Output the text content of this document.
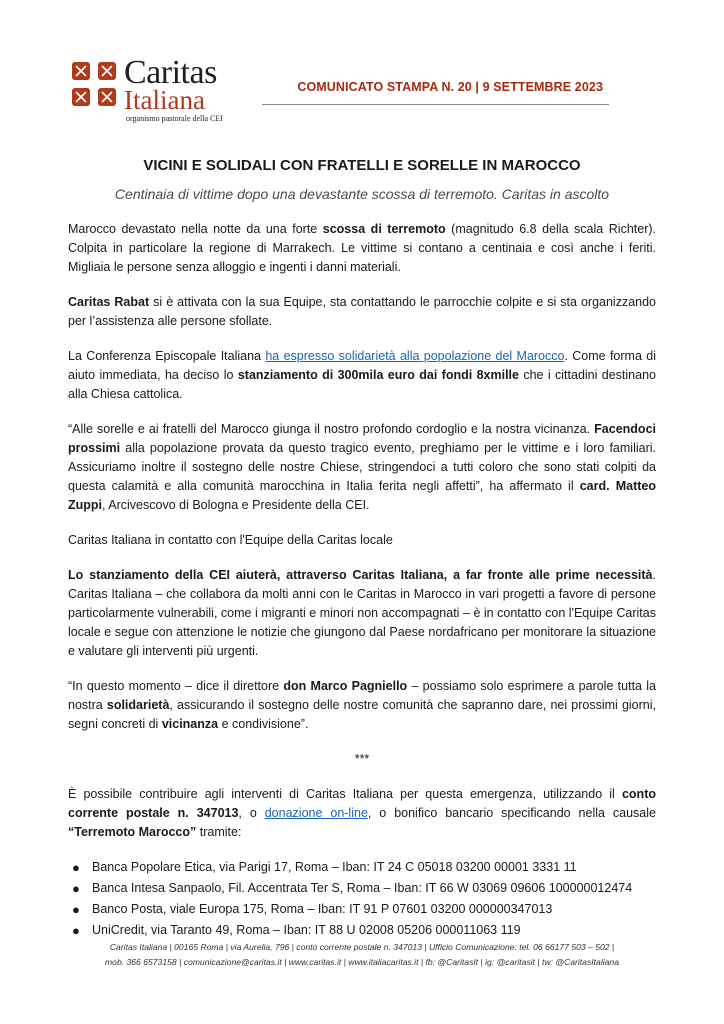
Caritas
Italiana
organismo pastorale della CEI
COMUNICATO STAMPA N. 20 | 9 SETTEMBRE 2023
VICINI E SOLIDALI CON FRATELLI E SORELLE IN MAROCCO
Centinaia di vittime dopo una devastante scossa di terremoto. Caritas in ascolto

Marocco devastato nella notte da una forte scossa di terremoto (magnitudo 6.8 della scala Richter). Colpita in particolare la regione di Marrakech. Le vittime si contano a centinaia e così anche i feriti. Migliaia le persone senza alloggio e ingenti i danni materiali.

Caritas Rabat si è attivata con la sua Equipe, sta contattando le parrocchie colpite e si sta organizzando per l’assistenza alle persone sfollate.

La Conferenza Episcopale Italiana ha espresso solidarietà alla popolazione del Marocco. Come forma di aiuto immediata, ha deciso lo stanziamento di 300mila euro dai fondi 8xmille che i cittadini destinano alla Chiesa cattolica.

“Alle sorelle e ai fratelli del Marocco giunga il nostro profondo cordoglio e la nostra vicinanza. Facendoci prossimi alla popolazione provata da questo tragico evento, preghiamo per le vittime e i loro familiari. Assicuriamo inoltre il sostegno delle nostre Chiese, stringendoci a tutti coloro che sono stati colpiti da questa calamità e alla comunità marocchina in Italia ferita negli affetti”, ha affermato il card. Matteo Zuppi, Arcivescovo di Bologna e Presidente della CEI.

Caritas Italiana in contatto con l'Equipe della Caritas locale

Lo stanziamento della CEI aiuterà, attraverso Caritas Italiana, a far fronte alle prime necessità. Caritas Italiana – che collabora da molti anni con le Caritas in Marocco in vari progetti a favore di persone particolarmente vulnerabili, come i migranti e minori non accompagnati – è in contatto con l'Equipe Caritas locale e segue con attenzione le notizie che giungono dal Paese nordafricano per monitorare la situazione e valutare gli interventi più urgenti.

“In questo momento – dice il direttore don Marco Pagniello – possiamo solo esprimere a parole tutta la nostra solidarietà, assicurando il sostegno delle nostre comunità che sapranno dare, nei prossimi giorni, segni concreti di vicinanza e condivisione”.

***

È possibile contribuire agli interventi di Caritas Italiana per questa emergenza, utilizzando il conto corrente postale n. 347013, o donazione on-line, o bonifico bancario specificando nella causale “Terremoto Marocco” tramite:

● Banca Popolare Etica, via Parigi 17, Roma – Iban: IT 24 C 05018 03200 00001 3331 11
● Banca Intesa Sanpaolo, Fil. Accentrata Ter S, Roma – Iban: IT 66 W 03069 09606 100000012474
● Banco Posta, viale Europa 175, Roma – Iban: IT 91 P 07601 03200 000000347013
● UniCredit, via Taranto 49, Roma – Iban: IT 88 U 02008 05206 000011063 119
Caritas Italiana | 00165 Roma | via Aurelia, 796 | conto corrente postale n. 347013 | Ufficio Comunicazione: tel. 06 66177 503 – 502 |
mob. 366 6573158 | comunicazione@caritas.it | www.caritas.it | www.italiacaritas.it | fb: @CaritasIt | ig: @caritasit | tw: @CaritasItaliana
